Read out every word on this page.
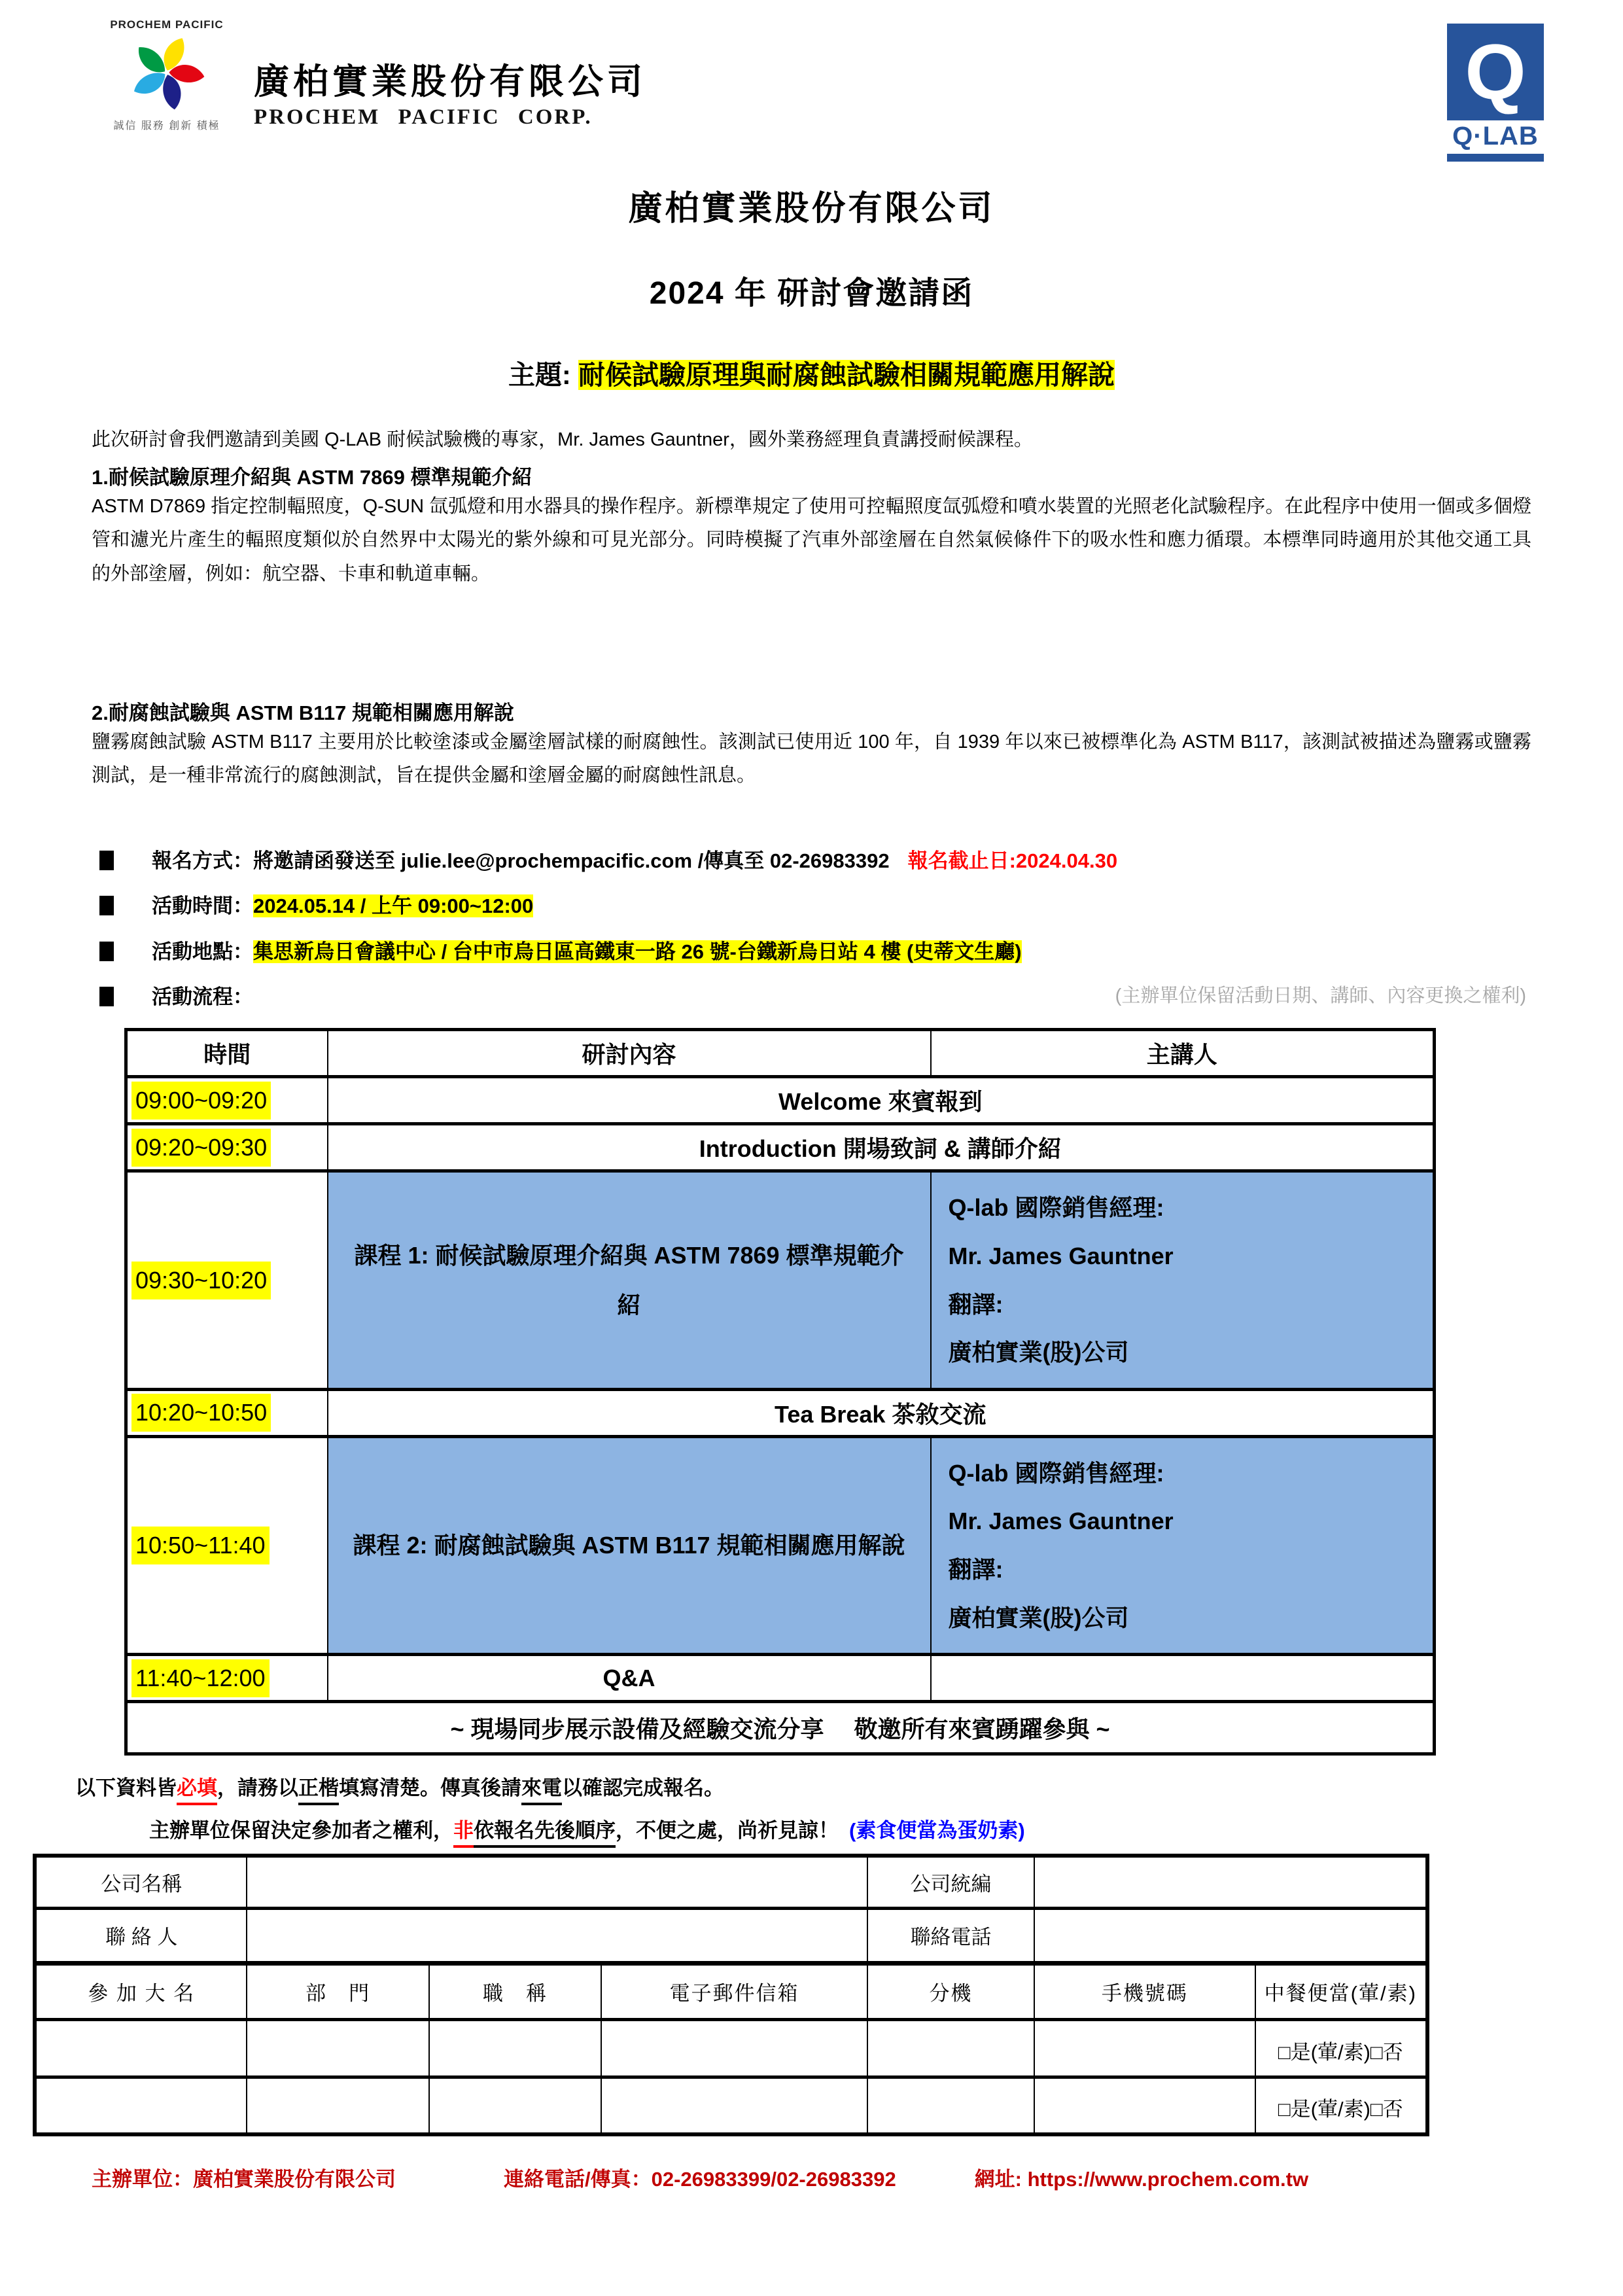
PROCHEM PACIFIC
誠信 服務 創新 積極
廣柏實業股份有限公司
PROCHEM PACIFIC CORP.
Q
Q·LAB
廣柏實業股份有限公司
2024 年 研討會邀請函
主題: 耐候試驗原理與耐腐蝕試驗相關規範應用解說

此次研討會我們邀請到美國 Q-LAB 耐候試驗機的專家，Mr. James Gauntner，國外業務經理負責講授耐候課程。

1.耐候試驗原理介紹與 ASTM 7869 標準規範介紹

ASTM D7869 指定控制輻照度，Q-SUN 氙弧燈和用水器具的操作程序。新標準規定了使用可控輻照度氙弧燈和噴水裝置的光照老化試驗程序。在此程序中使用一個或多個燈管和濾光片產生的輻照度類似於自然界中太陽光的紫外線和可見光部分。同時模擬了汽車外部塗層在自然氣候條件下的吸水性和應力循環。本標準同時適用於其他交通工具的外部塗層，例如：航空器、卡車和軌道車輛。

2.耐腐蝕試驗與 ASTM B117 規範相關應用解說

鹽霧腐蝕試驗 ASTM B117 主要用於比較塗漆或金屬塗層試樣的耐腐蝕性。該測試已使用近 100 年，自 1939 年以來已被標準化為 ASTM B117，該測試被描述為鹽霧或鹽霧測試，是一種非常流行的腐蝕測試，旨在提供金屬和塗層金屬的耐腐蝕性訊息。

報名方式：將邀請函發送至 julie.lee@prochempacific.com /傳真至 02-26983392 報名截止日:2024.04.30
活動時間：2024.05.14 / 上午 09:00~12:00
活動地點：集思新烏日會議中心 / 台中市烏日區高鐵東一路 26 號-台鐵新烏日站 4 樓 (史蒂文生廳)
活動流程：	(主辦單位保留活動日期、講師、內容更換之權利)
時間	研討內容	主講人
09:00~09:20	Welcome 來賓報到	
09:20~09:30	Introduction 開場致詞 & 講師介紹	
09:30~10:20	課程 1: 耐候試驗原理介紹與 ASTM 7869 標準規範介紹	Q-lab 國際銷售經理:
Mr. James Gauntner
翻譯:
廣柏實業(股)公司

10:20~10:50	Tea Break 茶敘交流	
10:50~11:40	課程 2: 耐腐蝕試驗與 ASTM B117 規範相關應用解說	Q-lab 國際銷售經理:
Mr. James Gauntner
翻譯:
廣柏實業(股)公司

11:40~12:00	Q&A	
~ 現場同步展示設備及經驗交流分享　 敬邀所有來賓踴躍參與 ~		
以下資料皆必填，請務以正楷填寫清楚。傳真後請來電以確認完成報名。
主辦單位保留決定參加者之權利，非依報名先後順序，不便之處，尚祈見諒！ (素食便當為蛋奶素)
公司名稱				公司統編		
聯 絡 人				聯絡電話		
參 加 大 名	部　門	職　稱	電子郵件信箱	分機	手機號碼	中餐便當(葷/素)
						□是(葷/素)□否
						□是(葷/素)□否
主辦單位：廣柏實業股份有限公司	連絡電話/傳真：02-26983399/02-26983392	網址: https://www.prochem.com.tw
